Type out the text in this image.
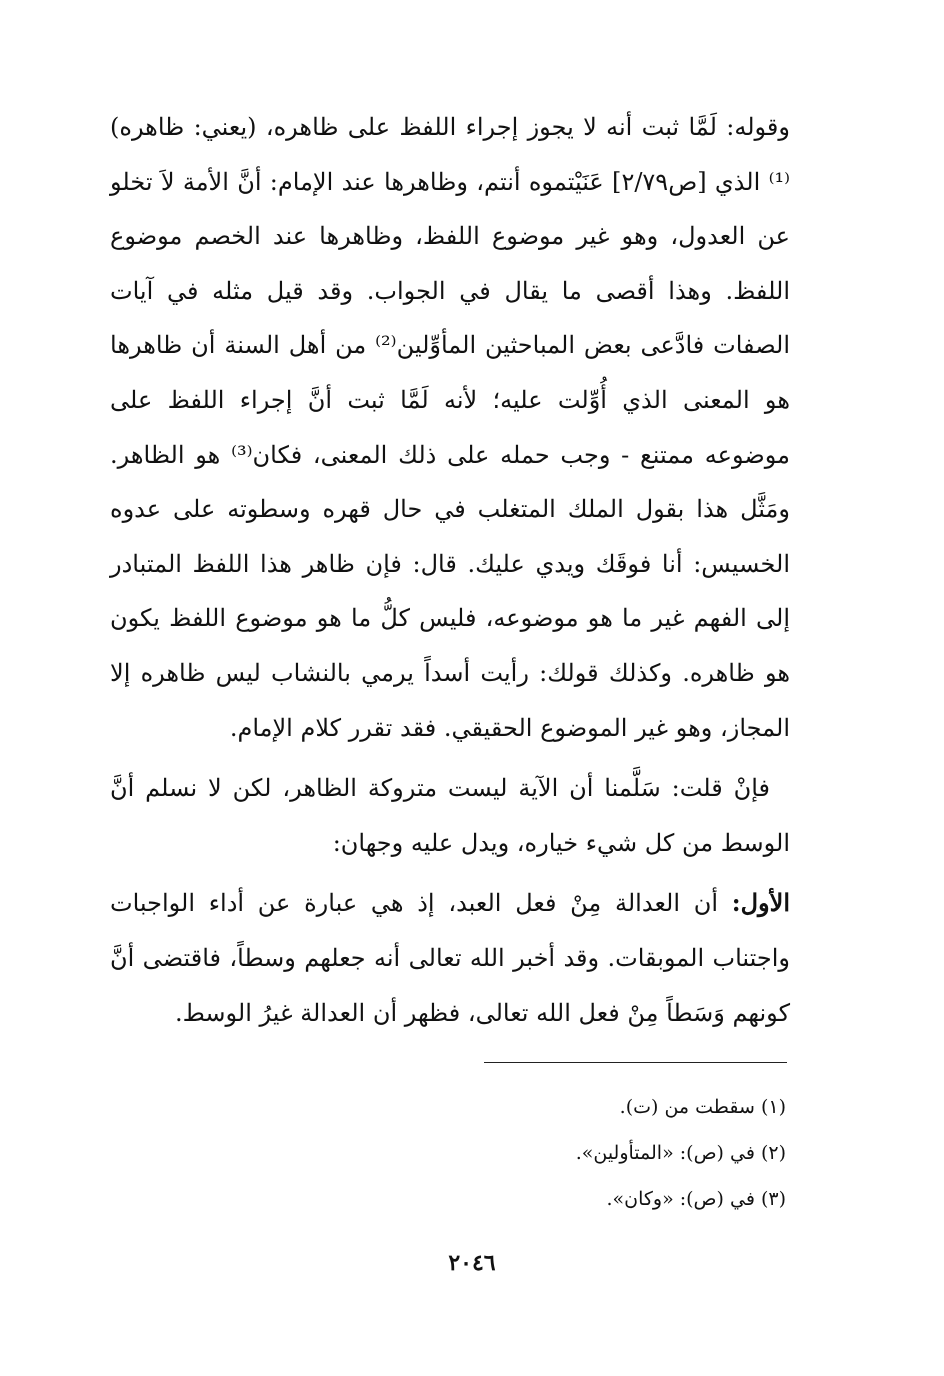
وقوله: لَمَّا ثبت أنه لا يجوز إجراء اللفظ على ظاهره، (يعني: ظاهره)⁽¹⁾ الذي [ص٢/٧٩] عَنَيْتموه أنتم، وظاهرها عند الإمام: أنَّ الأمة لاَ تخلو عن العدول، وهو غير موضوع اللفظ، وظاهرها عند الخصم موضوع اللفظ. وهذا أقصى ما يقال في الجواب. وقد قيل مثله في آيات الصفات فادَّعى بعض المباحثين المأوِّلين⁽²⁾ من أهل السنة أن ظاهرها هو المعنى الذي أُوِّلت عليه؛ لأنه لَمَّا ثبت أنَّ إجراء اللفظ على موضوعه ممتنع - وجب حمله على ذلك المعنى، فكان⁽³⁾ هو الظاهر. ومَثَّل هذا بقول الملك المتغلب في حال قهره وسطوته على عدوه الخسيس: أنا فوقَك ويدي عليك. قال: فإن ظاهر هذا اللفظ المتبادر إلى الفهم غير ما هو موضوعه، فليس كلُّ ما هو موضوع اللفظ يكون هو ظاهره. وكذلك قولك: رأيت أسداً يرمي بالنشاب ليس ظاهره إلا المجاز، وهو غير الموضوع الحقيقي. فقد تقرر كلام الإمام.

فإنْ قلت: سَلَّمنا أن الآية ليست متروكة الظاهر، لكن لا نسلم أنَّ الوسط من كل شيء خياره، ويدل عليه وجهان:

الأول: أن العدالة مِنْ فعل العبد، إذ هي عبارة عن أداء الواجبات واجتناب الموبقات. وقد أخبر الله تعالى أنه جعلهم وسطاً، فاقتضى أنَّ كونهم وَسَطاً مِنْ فعل الله تعالى، فظهر أن العدالة غيرُ الوسط.

(١) سقطت من (ت).
(٢) في (ص): «المتأولين».
(٣) في (ص): «وكان».
٢٠٤٦
